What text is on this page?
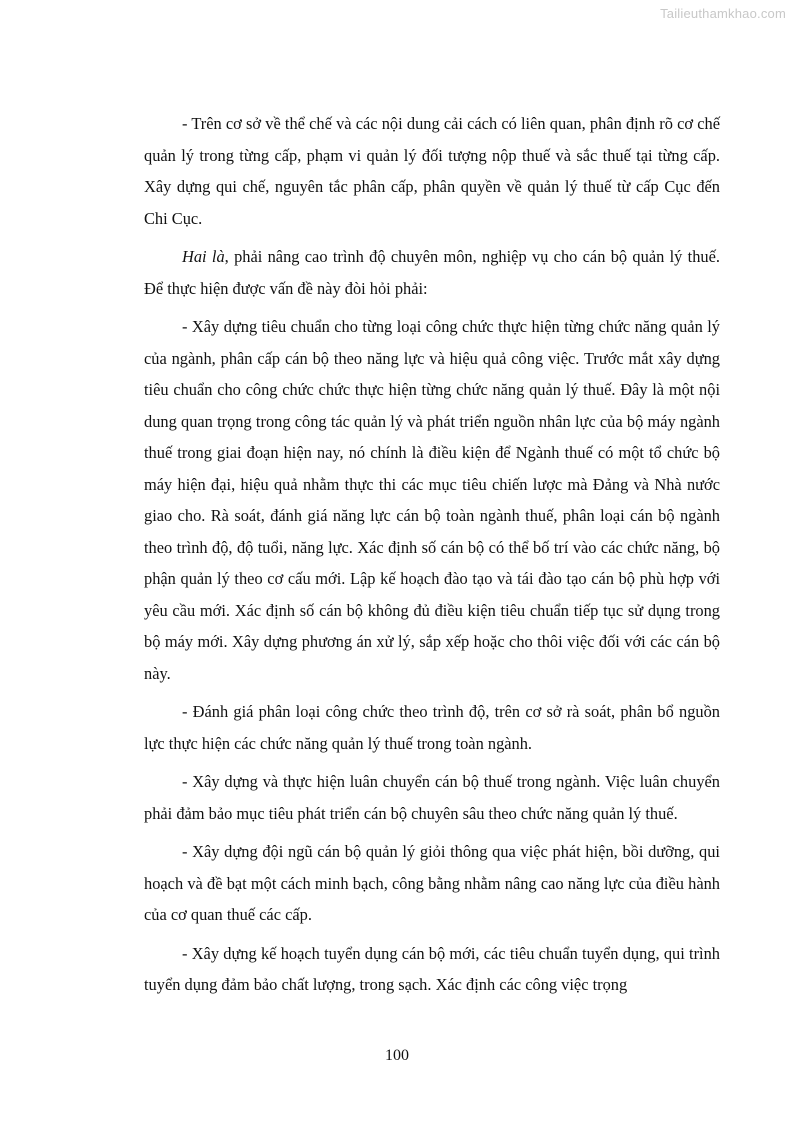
Tailieuthamkhao.com

- Trên cơ sở về thể chế và các nội dung cải cách có liên quan, phân định rõ cơ chế quản lý trong từng cấp, phạm vi quản lý đối tượng nộp thuế và sắc thuế tại từng cấp. Xây dựng qui chế, nguyên tắc phân cấp, phân quyền về quản lý thuế từ cấp Cục đến Chi Cục.

Hai là, phải nâng cao trình độ chuyên môn, nghiệp vụ cho cán bộ quản lý thuế. Để thực hiện được vấn đề này đòi hỏi phải:

- Xây dựng tiêu chuẩn cho từng loại công chức thực hiện từng chức năng quản lý của ngành, phân cấp cán bộ theo năng lực và hiệu quả công việc. Trước mắt xây dựng tiêu chuẩn cho công chức chức thực hiện từng chức năng quản lý thuế. Đây là một nội dung quan trọng trong công tác quản lý và phát triển nguồn nhân lực của bộ máy ngành thuế trong giai đoạn hiện nay, nó chính là điều kiện để Ngành thuế có một tổ chức bộ máy hiện đại, hiệu quả nhằm thực thi các mục tiêu chiến lược mà Đảng và Nhà nước giao cho. Rà soát, đánh giá năng lực cán bộ toàn ngành thuế, phân loại cán bộ ngành theo trình độ, độ tuổi, năng lực. Xác định số cán bộ có thể bố trí vào các chức năng, bộ phận quản lý theo cơ cấu mới. Lập kế hoạch đào tạo và tái đào tạo cán bộ phù hợp với yêu cầu mới. Xác định số cán bộ không đủ điều kiện tiêu chuẩn tiếp tục sử dụng trong bộ máy mới. Xây dựng phương án xử lý, sắp xếp hoặc cho thôi việc đối với các cán bộ này.

- Đánh giá phân loại công chức theo trình độ, trên cơ sở rà soát, phân bổ nguồn lực thực hiện các chức năng quản lý thuế trong toàn ngành.

- Xây dựng và thực hiện luân chuyển cán bộ thuế trong ngành. Việc luân chuyển phải đảm bảo mục tiêu phát triển cán bộ chuyên sâu theo chức năng quản lý thuế.

- Xây dựng đội ngũ cán bộ quản lý giỏi thông qua việc phát hiện, bồi dưỡng, qui hoạch và đề bạt một cách minh bạch, công bằng nhằm nâng cao năng lực của điều hành của cơ quan thuế các cấp.

- Xây dựng kế hoạch tuyển dụng cán bộ mới, các tiêu chuẩn tuyển dụng, qui trình tuyển dụng đảm bảo chất lượng, trong sạch. Xác định các công việc trọng

100
